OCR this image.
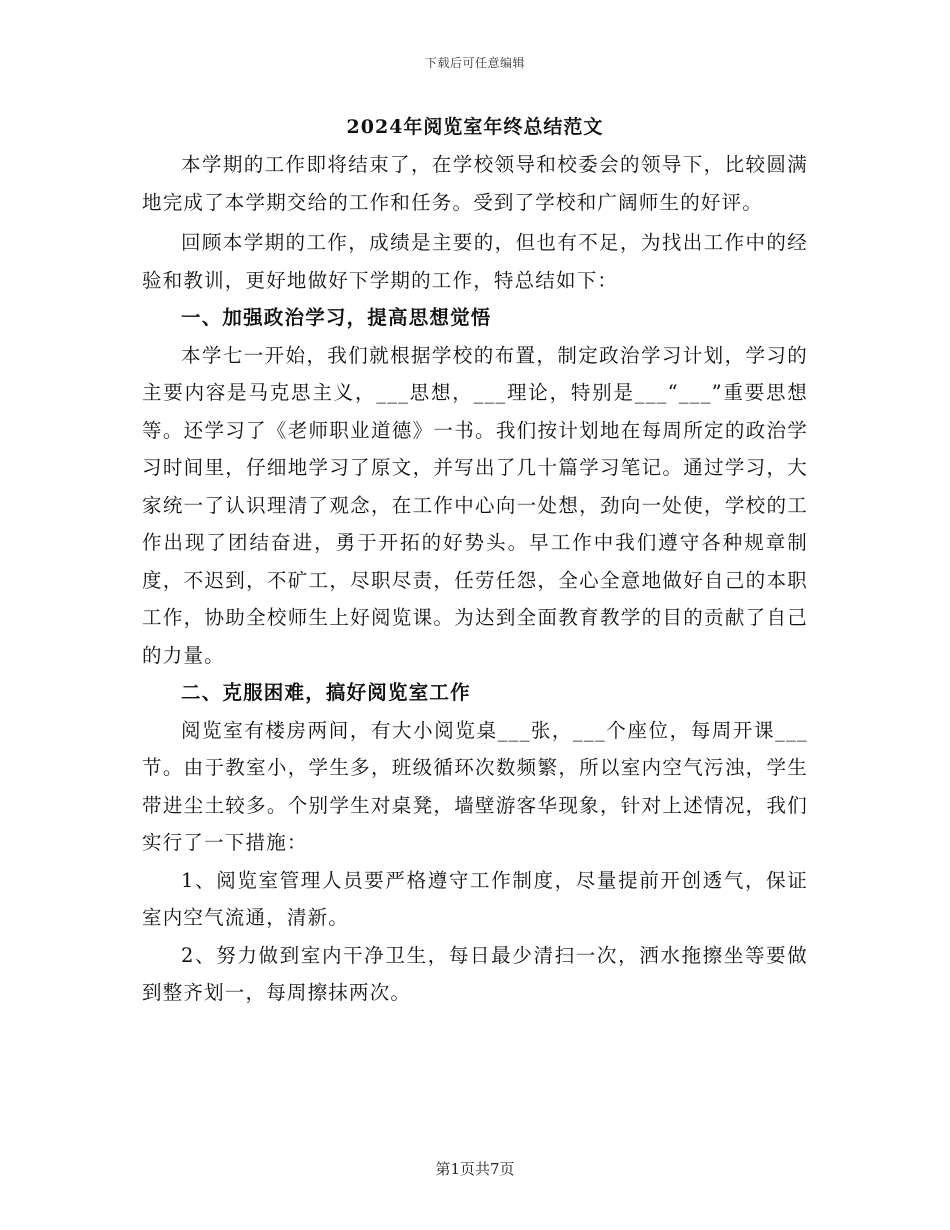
下载后可任意编辑
2024年阅览室年终总结范文

本学期的工作即将结束了，在学校领导和校委会的领导下，比较圆满地完成了本学期交给的工作和任务。受到了学校和广阔师生的好评。

回顾本学期的工作，成绩是主要的，但也有不足，为找出工作中的经验和教训，更好地做好下学期的工作，特总结如下：

一、加强政治学习，提高思想觉悟

本学七一开始，我们就根据学校的布置，制定政治学习计划，学习的主要内容是马克思主义，___思想，___理论，特别是___“___”重要思想等。还学习了《老师职业道德》一书。我们按计划地在每周所定的政治学习时间里，仔细地学习了原文，并写出了几十篇学习笔记。通过学习，大家统一了认识理清了观念，在工作中心向一处想，劲向一处使，学校的工作出现了团结奋进，勇于开拓的好势头。早工作中我们遵守各种规章制度，不迟到，不矿工，尽职尽责，任劳任怨，全心全意地做好自己的本职工作，协助全校师生上好阅览课。为达到全面教育教学的目的贡献了自己的力量。

二、克服困难，搞好阅览室工作

阅览室有楼房两间，有大小阅览桌___张，___个座位，每周开课___节。由于教室小，学生多，班级循环次数频繁，所以室内空气污浊，学生带进尘土较多。个别学生对桌凳，墙壁游客华现象，针对上述情况，我们实行了一下措施：

1、阅览室管理人员要严格遵守工作制度，尽量提前开创透气，保证室内空气流通，清新。

2、努力做到室内干净卫生，每日最少清扫一次，洒水拖擦坐等要做到整齐划一，每周擦抹两次。

第1页共7页
